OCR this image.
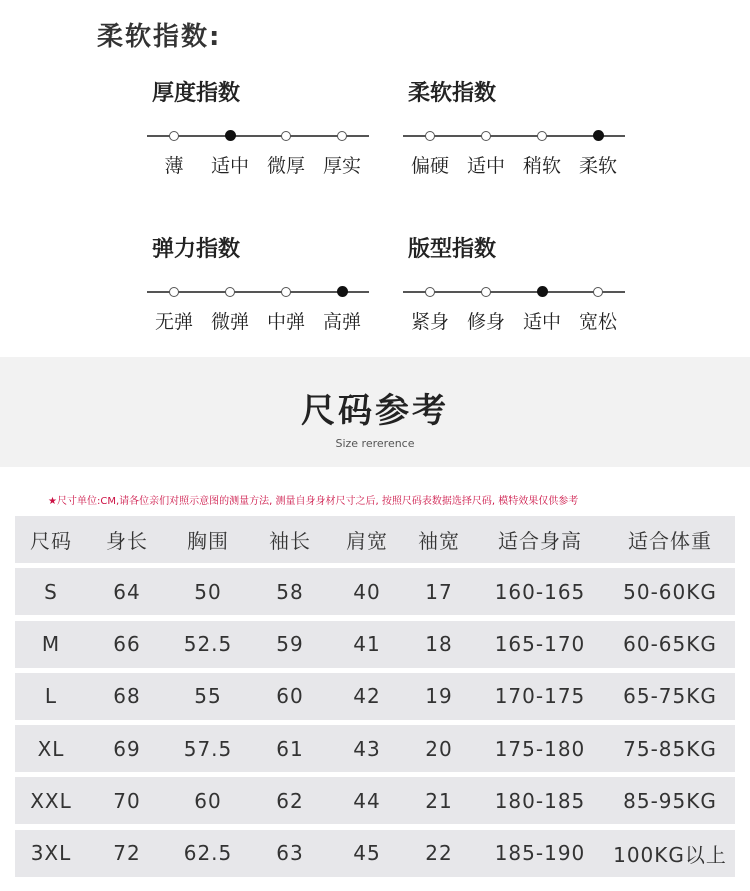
柔软指数:
厚度指数
薄	适中 微厚 厚实
柔软指数
偏硬 适中 稍软 柔软
弹力指数
无弹 微弹 中弹 高弹
版型指数
紧身 修身 适中 宽松
尺码参考
Size rererence
★尺寸单位:CM,请各位亲们对照示意图的测量方法, 测量自身身材尺寸之后, 按照尺码表数据选择尺码, 模特效果仅供参考
尺码	身长	胸围	袖长	肩宽	袖宽	适合身高	适合体重
S	64	50	58	40	17	160-165	50-60KG
M	66	52.5	59	41	18	165-170	60-65KG
L	68	55	60	42	19	170-175	65-75KG
XL	69	57.5	61	43	20	175-180	75-85KG
XXL	70	60	62	44	21	180-185	85-95KG
3XL	72	62.5	63	45	22	185-190	100KG以上
